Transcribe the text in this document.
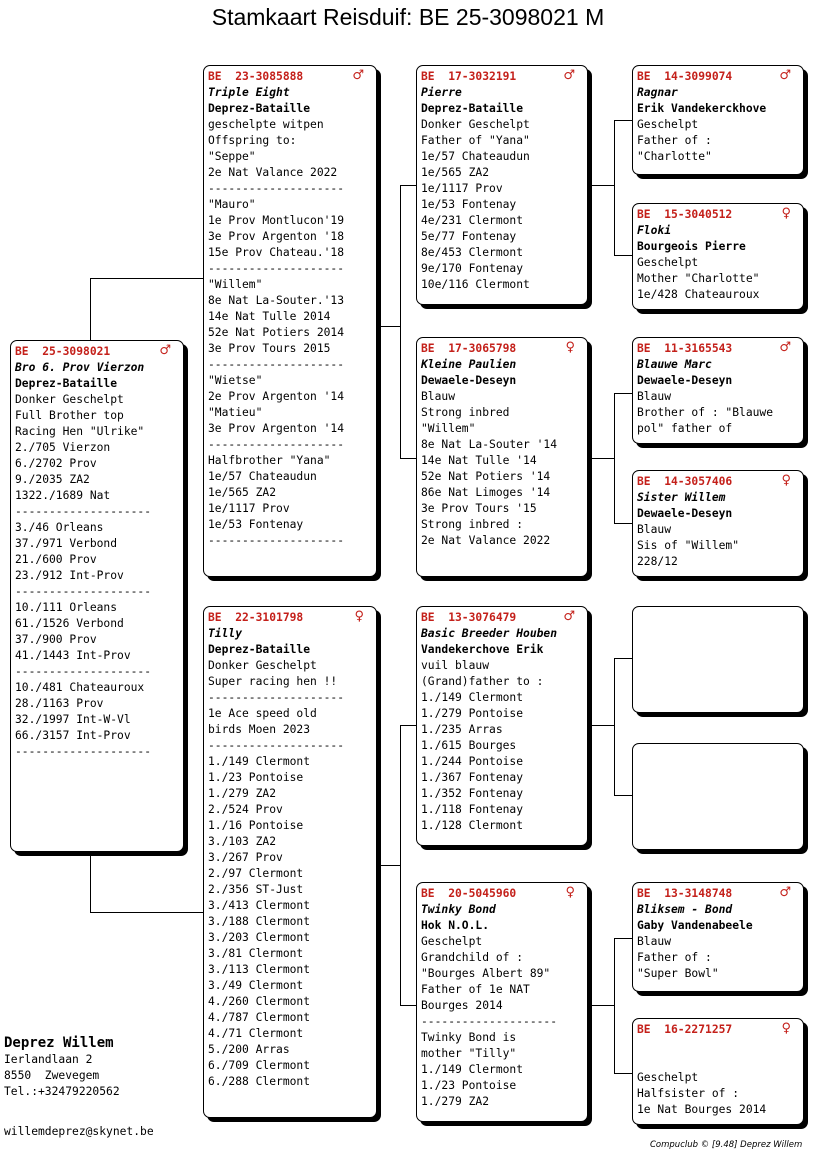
Stamkaart Reisduif: BE 25-3098021 M
BE  25-3098021	♂
Bro 6. Prov Vierzon
Deprez-Bataille
Donker Geschelpt
Full Brother top
Racing Hen "Ulrike"
2./705 Vierzon
6./2702 Prov
9./2035 ZA2
1322./1689 Nat
--------------------
3./46 Orleans
37./971 Verbond
21./600 Prov
23./912 Int-Prov
--------------------
10./111 Orleans
61./1526 Verbond
37./900 Prov
41./1443 Int-Prov
--------------------
10./481 Chateauroux
28./1163 Prov
32./1997 Int-W-Vl
66./3157 Int-Prov
--------------------
BE  23-3085888	♂
Triple Eight
Deprez-Bataille
geschelpte witpen
Offspring to:
"Seppe"
2e Nat Valance 2022
--------------------
"Mauro"
1e Prov Montlucon'19
3e Prov Argenton '18
15e Prov Chateau.'18
--------------------
"Willem"
8e Nat La-Souter.'13
14e Nat Tulle 2014
52e Nat Potiers 2014
3e Prov Tours 2015
--------------------
"Wietse"
2e Prov Argenton '14
"Matieu"
3e Prov Argenton '14
--------------------
Halfbrother "Yana"
1e/57 Chateaudun
1e/565 ZA2
1e/1117 Prov
1e/53 Fontenay
--------------------
BE  22-3101798	♀
Tilly
Deprez-Bataille
Donker Geschelpt
Super racing hen !!
--------------------
1e Ace speed old
birds Moen 2023
--------------------
1./149 Clermont
1./23 Pontoise
1./279 ZA2
2./524 Prov
1./16 Pontoise
3./103 ZA2
3./267 Prov
2./97 Clermont
2./356 ST-Just
3./413 Clermont
3./188 Clermont
3./203 Clermont
3./81 Clermont
3./113 Clermont
3./49 Clermont
4./260 Clermont
4./787 Clermont
4./71 Clermont
5./200 Arras
6./709 Clermont
6./288 Clermont
BE  17-3032191	♂
Pierre
Deprez-Bataille
Donker Geschelpt
Father of "Yana"
1e/57 Chateaudun
1e/565 ZA2
1e/1117 Prov
1e/53 Fontenay
4e/231 Clermont
5e/77 Fontenay
8e/453 Clermont
9e/170 Fontenay
10e/116 Clermont
BE  17-3065798	♀
Kleine Paulien
Dewaele-Deseyn
Blauw
Strong inbred
"Willem"
8e Nat La-Souter '14
14e Nat Tulle '14
52e Nat Potiers '14
86e Nat Limoges '14
3e Prov Tours '15
Strong inbred :
2e Nat Valance 2022
BE  13-3076479	♂
Basic Breeder Houben
Vandekerchove Erik
vuil blauw
(Grand)father to :
1./149 Clermont
1./279 Pontoise
1./235 Arras
1./615 Bourges
1./244 Pontoise
1./367 Fontenay
1./352 Fontenay
1./118 Fontenay
1./128 Clermont
BE  20-5045960	♀
Twinky Bond
Hok N.O.L.
Geschelpt
Grandchild of :
"Bourges Albert 89"
Father of 1e NAT
Bourges 2014
--------------------
Twinky Bond is
mother "Tilly"
1./149 Clermont
1./23 Pontoise
1./279 ZA2
BE  14-3099074	♂
Ragnar
Erik Vandekerckhove
Geschelpt
Father of :
"Charlotte"
BE  15-3040512	♀
Floki
Bourgeois Pierre
Geschelpt
Mother "Charlotte"
1e/428 Chateauroux
BE  11-3165543	♂
Blauwe Marc
Dewaele-Deseyn
Blauw
Brother of : "Blauwe
pol" father of
BE  14-3057406	♀
Sister Willem
Dewaele-Deseyn
Blauw
Sis of "Willem"
228/12
BE  13-3148748	♂
Bliksem - Bond
Gaby Vandenabeele
Blauw
Father of :
"Super Bowl"
BE  16-2271257	♀
Geschelpt
Halfsister of :
1e Nat Bourges 2014
Deprez Willem
Ierlandlaan 2
8550  Zwevegem
Tel.:+32479220562
willemdeprez@skynet.be
Compuclub © [9.48] Deprez Willem
